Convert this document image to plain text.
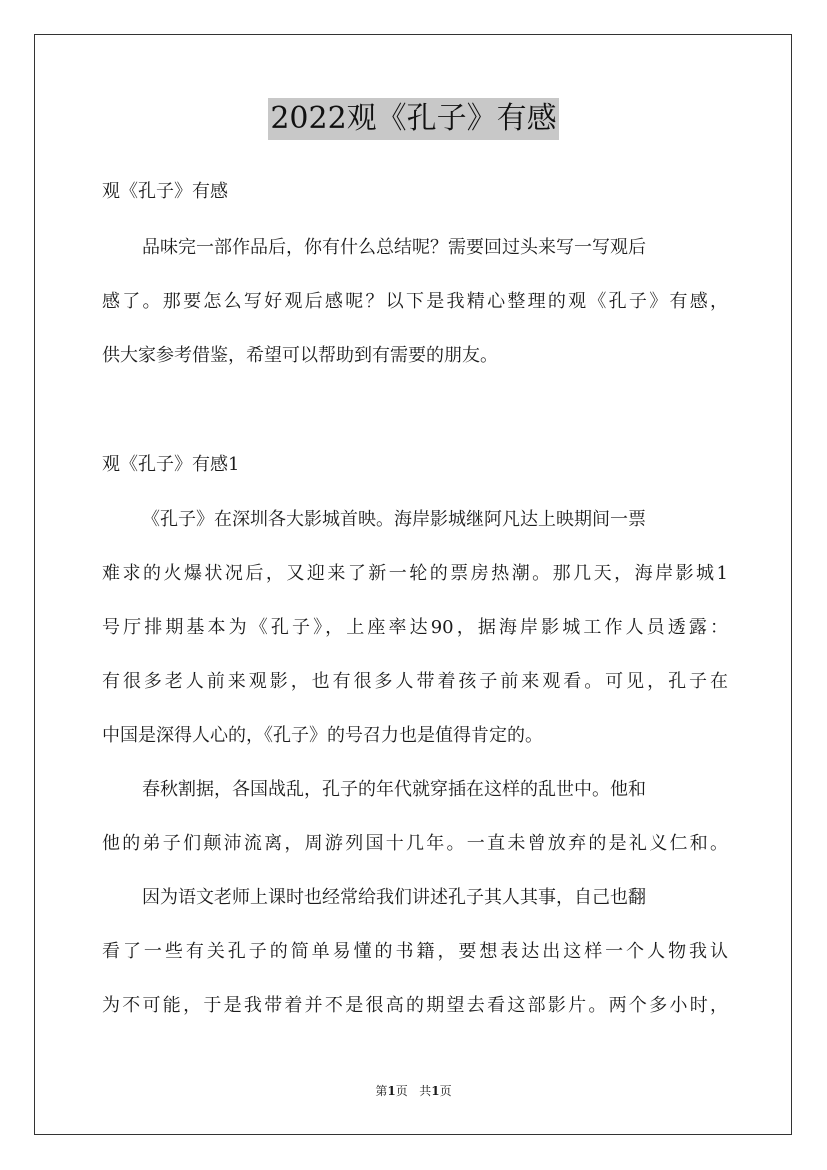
2022观《孔子》有感
观《孔子》有感
品味完一部作品后，你有什么总结呢？需要回过头来写一写观后
感了。那要怎么写好观后感呢？以下是我精心整理的观《孔子》有感，
供大家参考借鉴，希望可以帮助到有需要的朋友。
观《孔子》有感1
《孔子》在深圳各大影城首映。海岸影城继阿凡达上映期间一票
难求的火爆状况后，又迎来了新一轮的票房热潮。那几天，海岸影城1
号厅排期基本为《孔子》，上座率达90，据海岸影城工作人员透露：
有很多老人前来观影，也有很多人带着孩子前来观看。可见，孔子在
中国是深得人心的，《孔子》的号召力也是值得肯定的。
春秋割据，各国战乱，孔子的年代就穿插在这样的乱世中。他和
他的弟子们颠沛流离，周游列国十几年。一直未曾放弃的是礼义仁和。
因为语文老师上课时也经常给我们讲述孔子其人其事，自己也翻
看了一些有关孔子的简单易懂的书籍，要想表达出这样一个人物我认
为不可能，于是我带着并不是很高的期望去看这部影片。两个多小时，
第1页 共1页
